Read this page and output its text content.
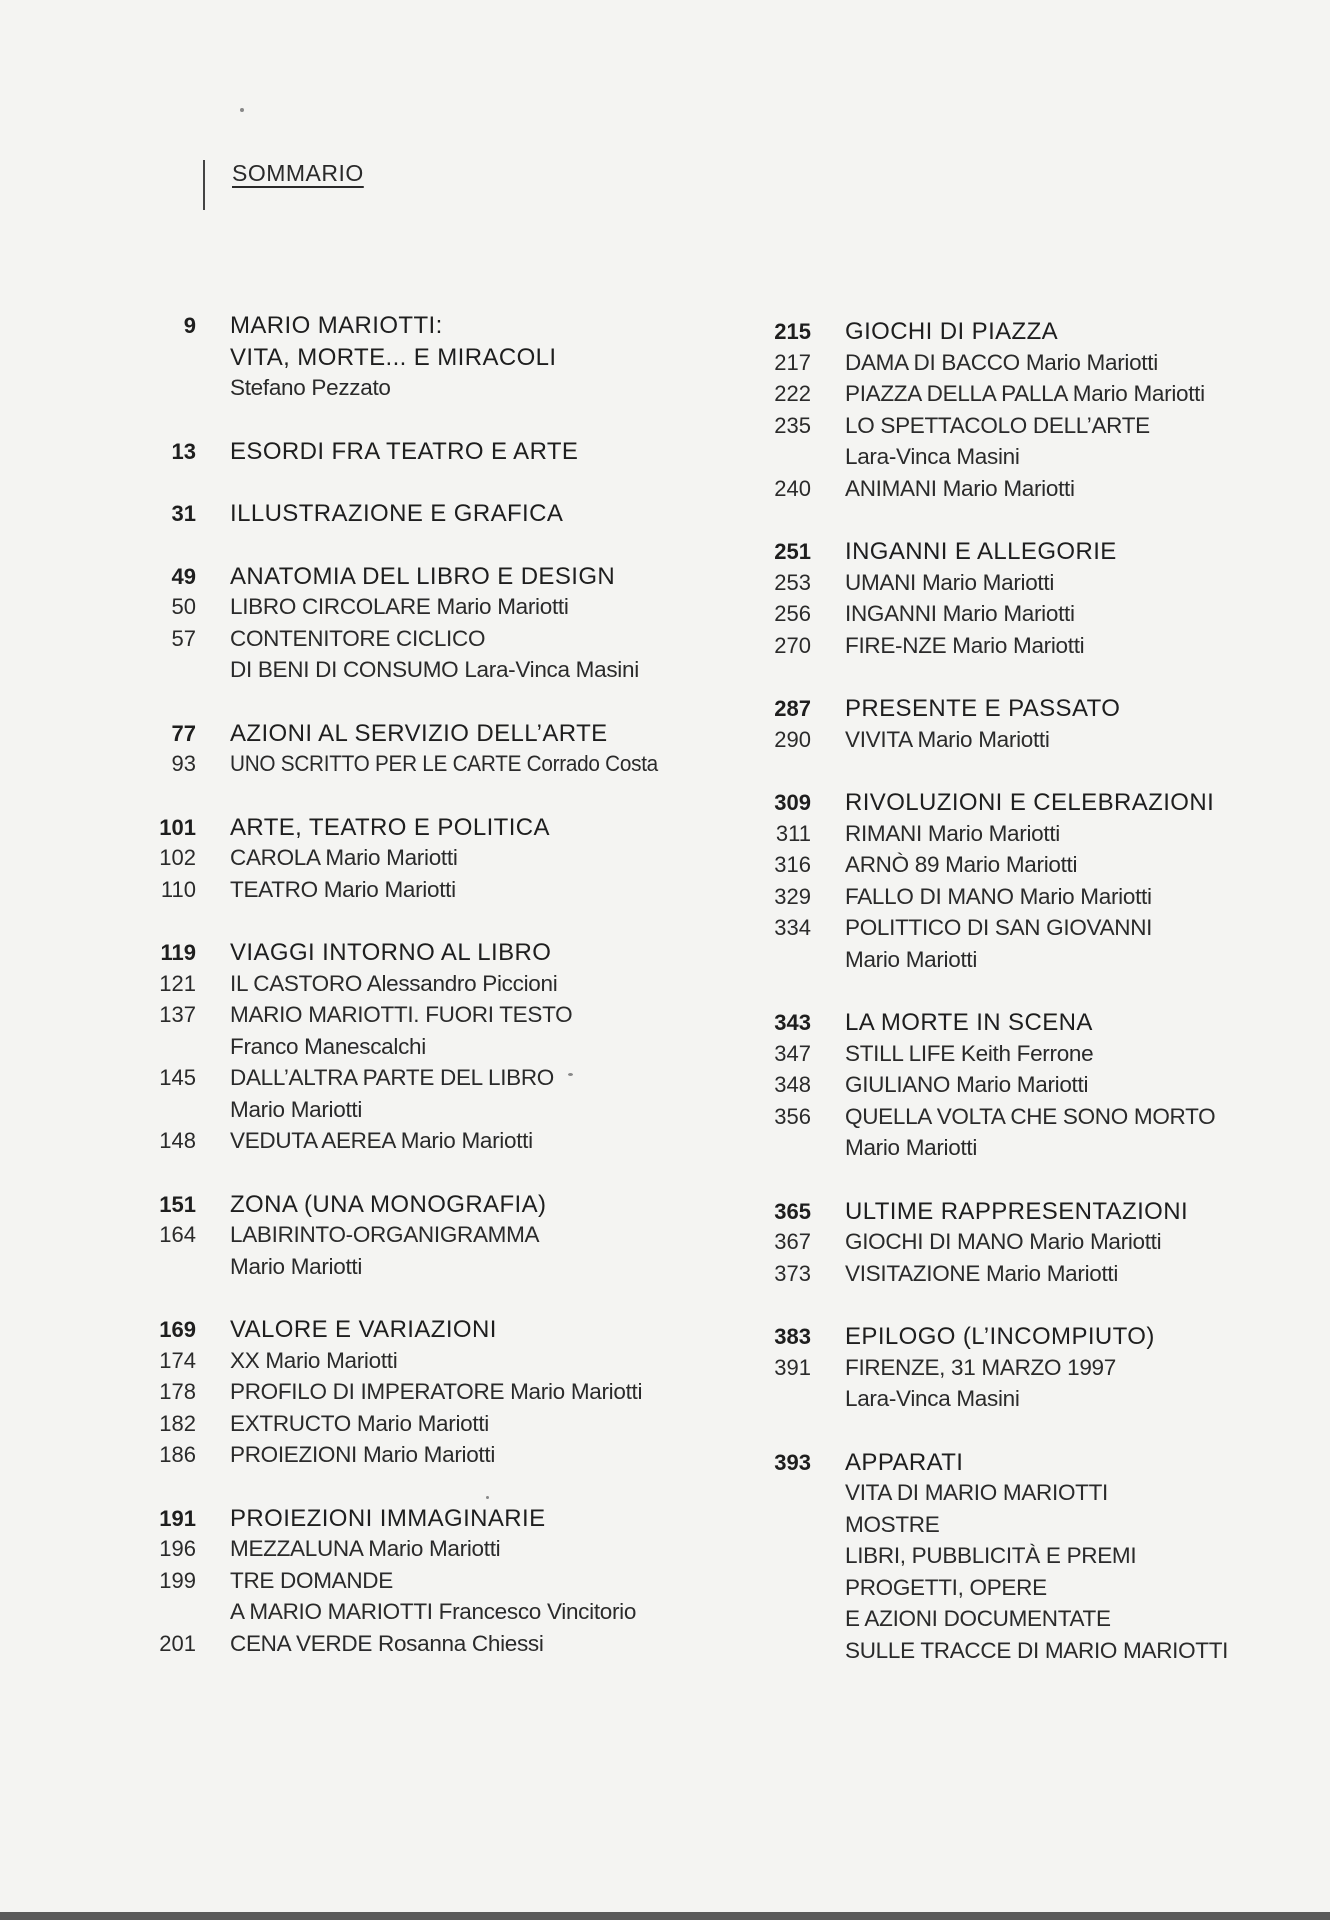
SOMMARIO
9 MARIO MARIOTTI:
VITA, MORTE... E MIRACOLI
Stefano Pezzato
13 ESORDI FRA TEATRO E ARTE
31 ILLUSTRAZIONE E GRAFICA
49 ANATOMIA DEL LIBRO E DESIGN
50 LIBRO CIRCOLARE Mario Mariotti
57 CONTENITORE CICLICO
DI BENI DI CONSUMO Lara-Vinca Masini
77 AZIONI AL SERVIZIO DELL’ARTE
93 UNO SCRITTO PER LE CARTE Corrado Costa
101 ARTE, TEATRO E POLITICA
102 CAROLA Mario Mariotti
110 TEATRO Mario Mariotti
119 VIAGGI INTORNO AL LIBRO
121 IL CASTORO Alessandro Piccioni
137 MARIO MARIOTTI. FUORI TESTO
Franco Manescalchi
145 DALL’ALTRA PARTE DEL LIBRO
Mario Mariotti
148 VEDUTA AEREA Mario Mariotti
151 ZONA (UNA MONOGRAFIA)
164 LABIRINTO-ORGANIGRAMMA
Mario Mariotti
169 VALORE E VARIAZIONI
174 XX Mario Mariotti
178 PROFILO DI IMPERATORE Mario Mariotti
182 EXTRUCTO Mario Mariotti
186 PROIEZIONI Mario Mariotti
191 PROIEZIONI IMMAGINARIE
196 MEZZALUNA Mario Mariotti
199 TRE DOMANDE
A MARIO MARIOTTI Francesco Vincitorio
201 CENA VERDE Rosanna Chiessi
215 GIOCHI DI PIAZZA
217 DAMA DI BACCO Mario Mariotti
222 PIAZZA DELLA PALLA Mario Mariotti
235 LO SPETTACOLO DELL’ARTE
Lara-Vinca Masini
240 ANIMANI Mario Mariotti
251 INGANNI E ALLEGORIE
253 UMANI Mario Mariotti
256 INGANNI Mario Mariotti
270 FIRE-NZE Mario Mariotti
287 PRESENTE E PASSATO
290 VIVITA Mario Mariotti
309 RIVOLUZIONI E CELEBRAZIONI
311 RIMANI Mario Mariotti
316 ARNÒ 89 Mario Mariotti
329 FALLO DI MANO Mario Mariotti
334 POLITTICO DI SAN GIOVANNI
Mario Mariotti
343 LA MORTE IN SCENA
347 STILL LIFE Keith Ferrone
348 GIULIANO Mario Mariotti
356 QUELLA VOLTA CHE SONO MORTO
Mario Mariotti
365 ULTIME RAPPRESENTAZIONI
367 GIOCHI DI MANO Mario Mariotti
373 VISITAZIONE Mario Mariotti
383 EPILOGO (L’INCOMPIUTO)
391 FIRENZE, 31 MARZO 1997
Lara-Vinca Masini
393 APPARATI
VITA DI MARIO MARIOTTI
MOSTRE
LIBRI, PUBBLICITÀ E PREMI
PROGETTI, OPERE
E AZIONI DOCUMENTATE
SULLE TRACCE DI MARIO MARIOTTI
